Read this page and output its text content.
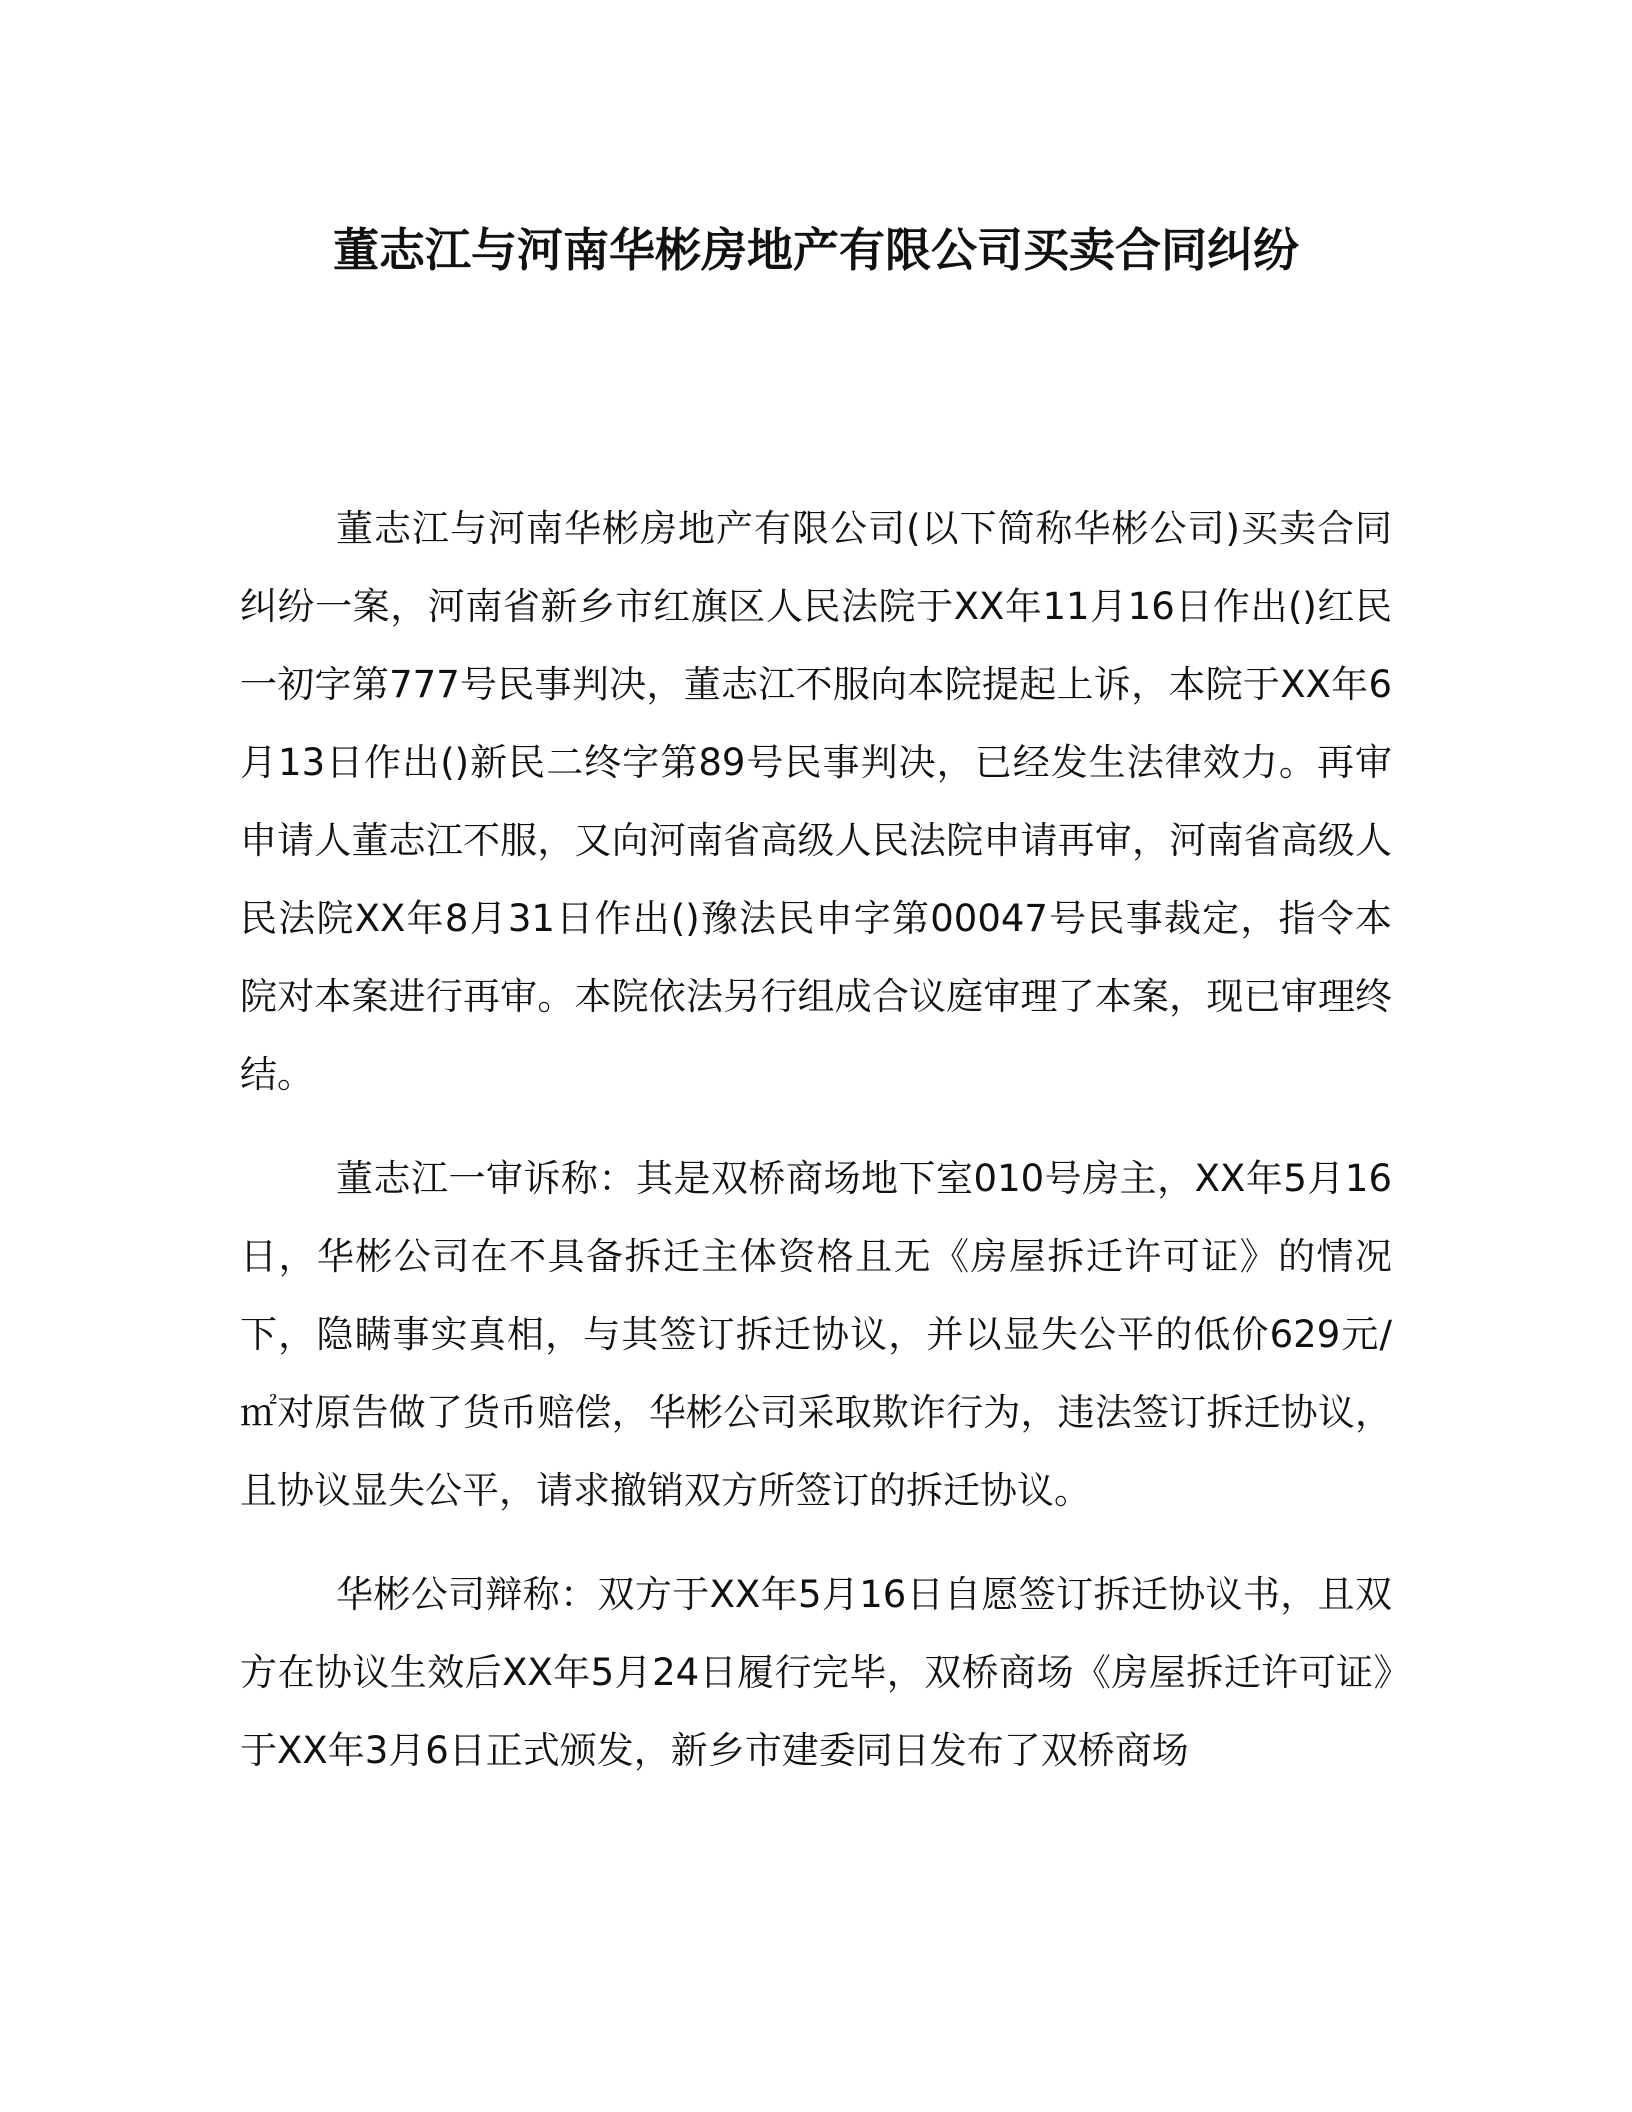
董志江与河南华彬房地产有限公司买卖合同纠纷

董志江与河南华彬房地产有限公司(以下简称华彬公司)买卖合同纠纷一案，河南省新乡市红旗区人民法院于XX年11月16日作出()红民一初字第777号民事判决，董志江不服向本院提起上诉，本院于XX年6月13日作出()新民二终字第89号民事判决，已经发生法律效力。再审申请人董志江不服，又向河南省高级人民法院申请再审，河南省高级人民法院XX年8月31日作出()豫法民申字第00047号民事裁定，指令本院对本案进行再审。本院依法另行组成合议庭审理了本案，现已审理终结。

董志江一审诉称：其是双桥商场地下室010号房主，XX年5月16日，华彬公司在不具备拆迁主体资格且无《房屋拆迁许可证》的情况下，隐瞒事实真相，与其签订拆迁协议，并以显失公平的低价629元/㎡对原告做了货币赔偿，华彬公司采取欺诈行为，违法签订拆迁协议，且协议显失公平，请求撤销双方所签订的拆迁协议。

华彬公司辩称：双方于XX年5月16日自愿签订拆迁协议书，且双方在协议生效后XX年5月24日履行完毕，双桥商场《房屋拆迁许可证》于XX年3月6日正式颁发，新乡市建委同日发布了双桥商场
